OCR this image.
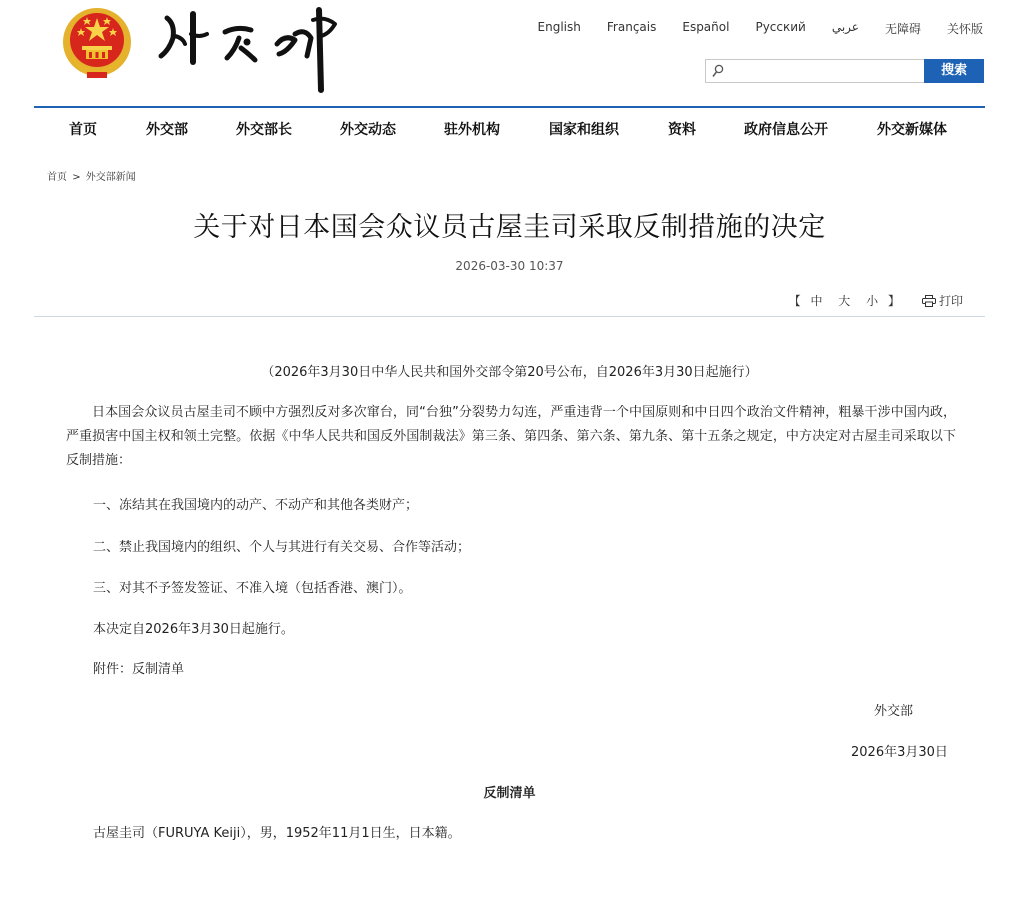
English Français Español Русский عربي 无障碍 关怀版
搜索
首页	外交部	外交部长	外交动态	驻外机构	国家和组织	资料	政府信息公开	外交新媒体
首页 > 外交部新闻
关于对日本国会众议员古屋圭司采取反制措施的决定
2026-03-30 10:37
【 中 大 小 】	打印
（2026年3月30日中华人民共和国外交部令第20号公布，自2026年3月30日起施行）
日本国会众议员古屋圭司不顾中方强烈反对多次窜台，同“台独”分裂势力勾连，严重违背一个中国原则和中日四个政治文件精神，粗暴干涉中国内政，严重损害中国主权和领土完整。依据《中华人民共和国反外国制裁法》第三条、第四条、第六条、第九条、第十五条之规定，中方决定对古屋圭司采取以下反制措施：
一、冻结其在我国境内的动产、不动产和其他各类财产；
二、禁止我国境内的组织、个人与其进行有关交易、合作等活动；
三、对其不予签发签证、不准入境（包括香港、澳门）。
本决定自2026年3月30日起施行。
附件：反制清单
外交部
2026年3月30日
反制清单
古屋圭司（FURUYA Keiji），男，1952年11月1日生，日本籍。
